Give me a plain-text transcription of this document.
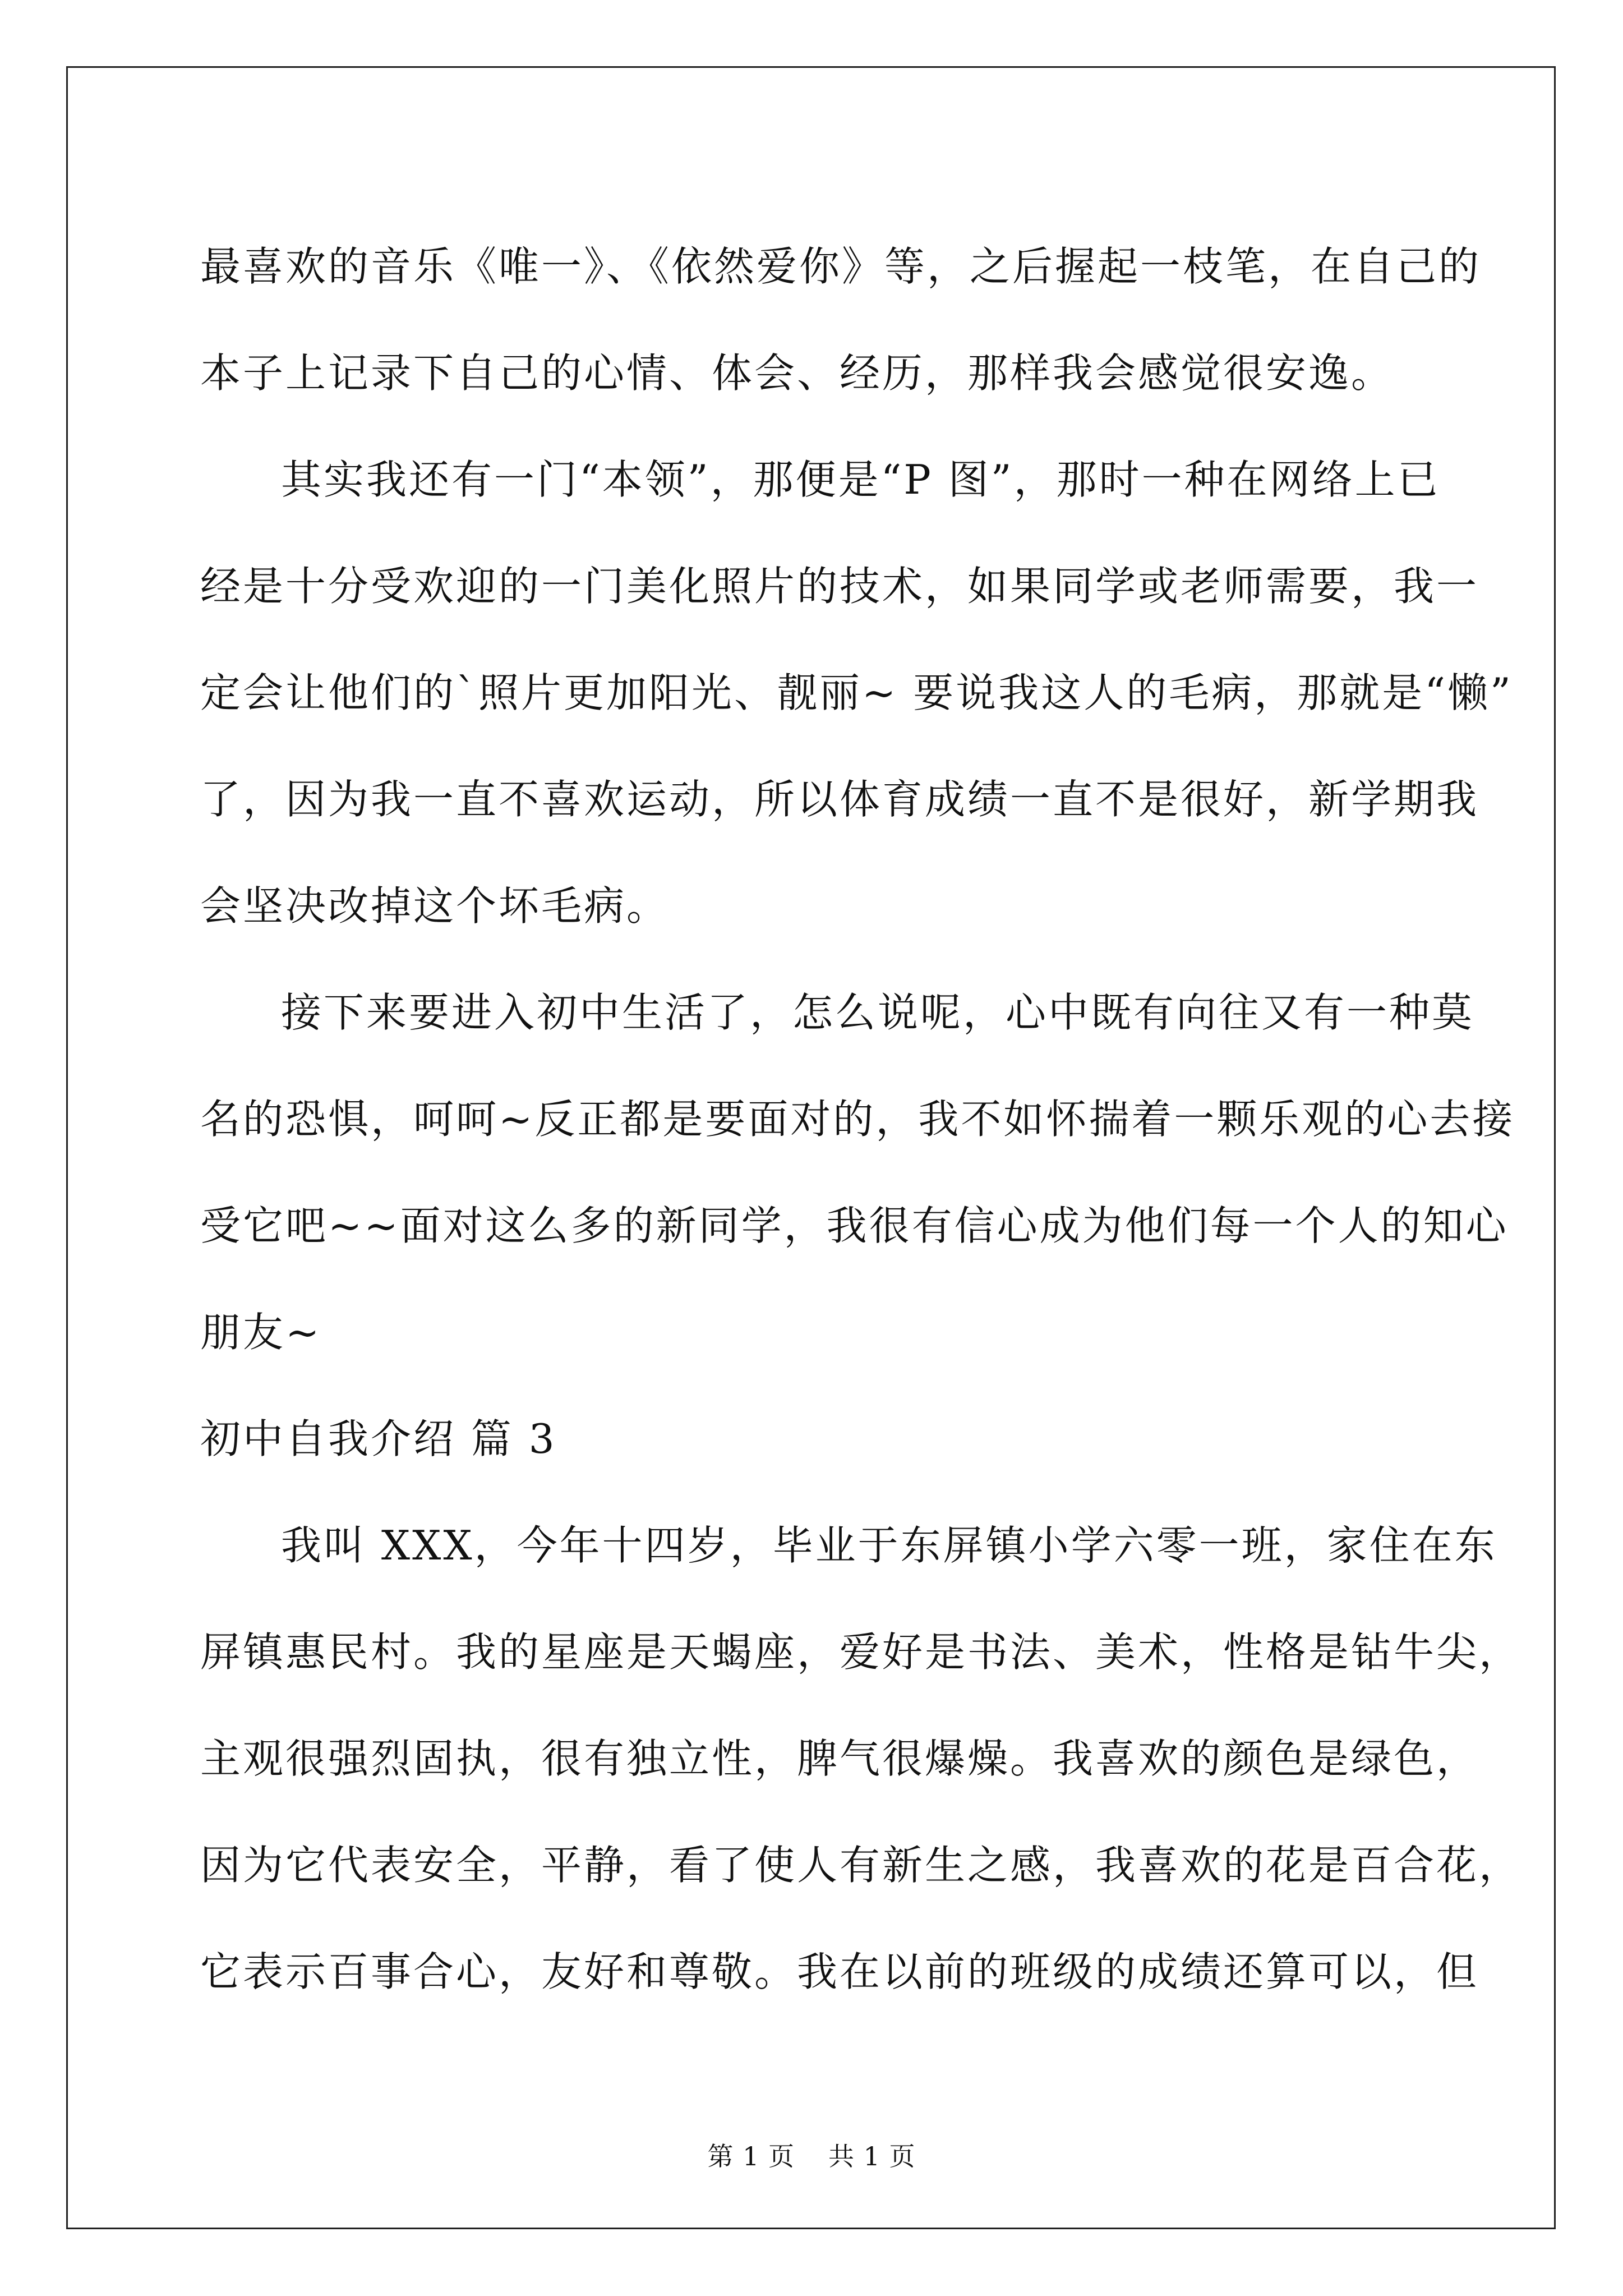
最喜欢的音乐《唯一》、《依然爱你》等，之后握起一枝笔，在自己的
本子上记录下自己的心情、体会、经历，那样我会感觉很安逸。
其实我还有一门“本领”，那便是“P 图”，那时一种在网络上已
经是十分受欢迎的一门美化照片的技术，如果同学或老师需要，我一
定会让他们的`照片更加阳光、靓丽~ 要说我这人的毛病，那就是“懒”
了，因为我一直不喜欢运动，所以体育成绩一直不是很好，新学期我
会坚决改掉这个坏毛病。
接下来要进入初中生活了，怎么说呢，心中既有向往又有一种莫
名的恐惧，呵呵~反正都是要面对的，我不如怀揣着一颗乐观的心去接
受它吧~~面对这么多的新同学，我很有信心成为他们每一个人的知心
朋友~
初中自我介绍 篇 3
我叫 XXX，今年十四岁，毕业于东屏镇小学六零一班，家住在东
屏镇惠民村。我的星座是天蝎座，爱好是书法、美术，性格是钻牛尖，
主观很强烈固执，很有独立性，脾气很爆燥。我喜欢的颜色是绿色，
因为它代表安全，平静，看了使人有新生之感，我喜欢的花是百合花，
它表示百事合心，友好和尊敬。我在以前的班级的成绩还算可以，但
第 1 页 共 1 页
